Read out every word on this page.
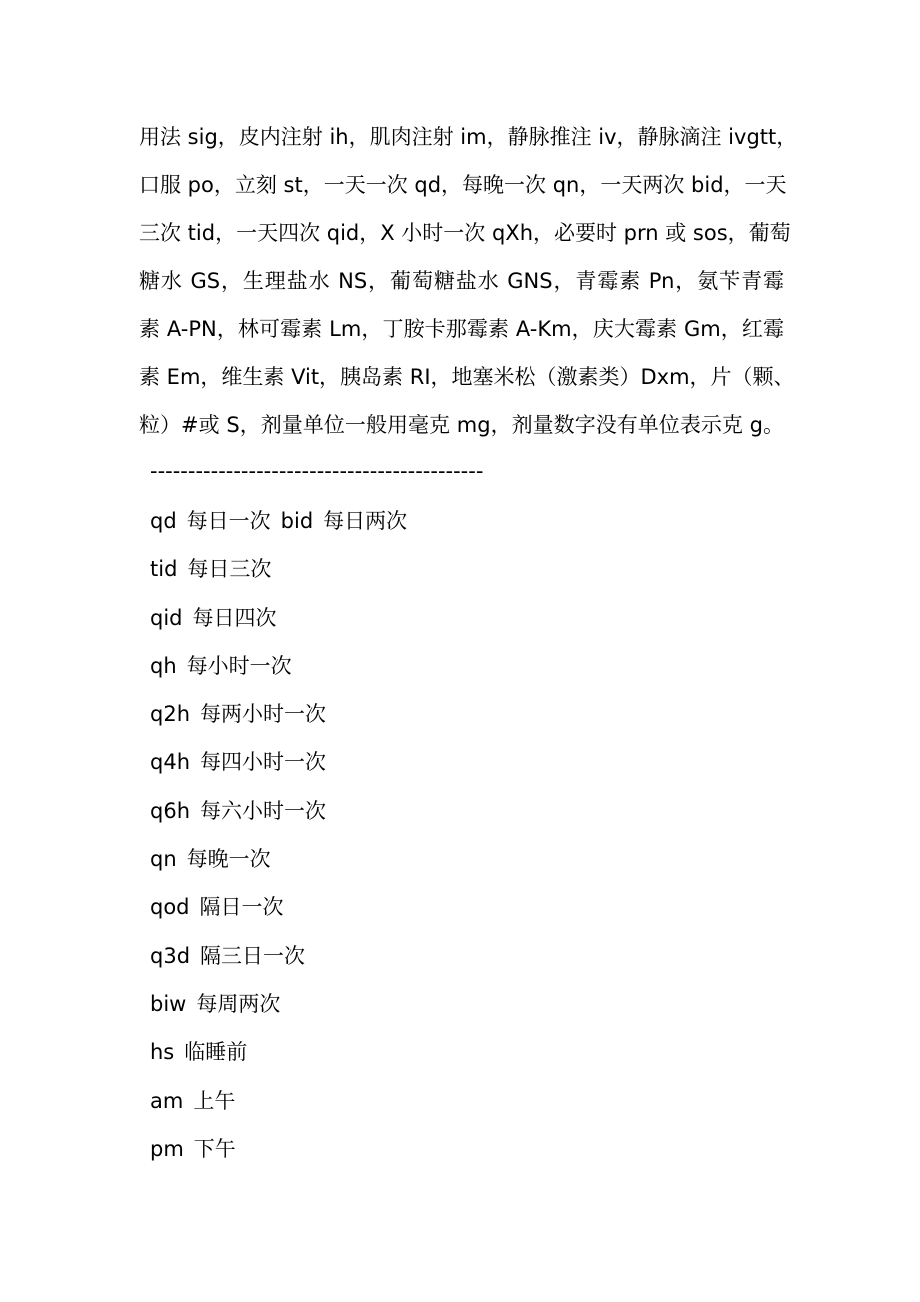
用法 sig，皮内注射 ih，肌肉注射 im，静脉推注 iv，静脉滴注 ivgtt，
口服 po，立刻 st，一天一次 qd，每晚一次 qn，一天两次 bid，一天
三次 tid，一天四次 qid，X 小时一次 qXh，必要时 prn 或 sos，葡萄
糖水 GS，生理盐水 NS，葡萄糖盐水 GNS，青霉素 Pn，氨苄青霉
素 A-PN，林可霉素 Lm，丁胺卡那霉素 A-Km，庆大霉素 Gm，红霉
素 Em，维生素 Vit，胰岛素 RI，地塞米松（激素类）Dxm，片（颗、
粒）#或 S，剂量单位一般用毫克 mg，剂量数字没有单位表示克 g。
--------------------------------------------
qd 每日一次 bid 每日两次
tid 每日三次
qid 每日四次
qh 每小时一次
q2h 每两小时一次
q4h 每四小时一次
q6h 每六小时一次
qn 每晚一次
qod 隔日一次
q3d 隔三日一次
biw 每周两次
hs 临睡前
am 上午
pm 下午
